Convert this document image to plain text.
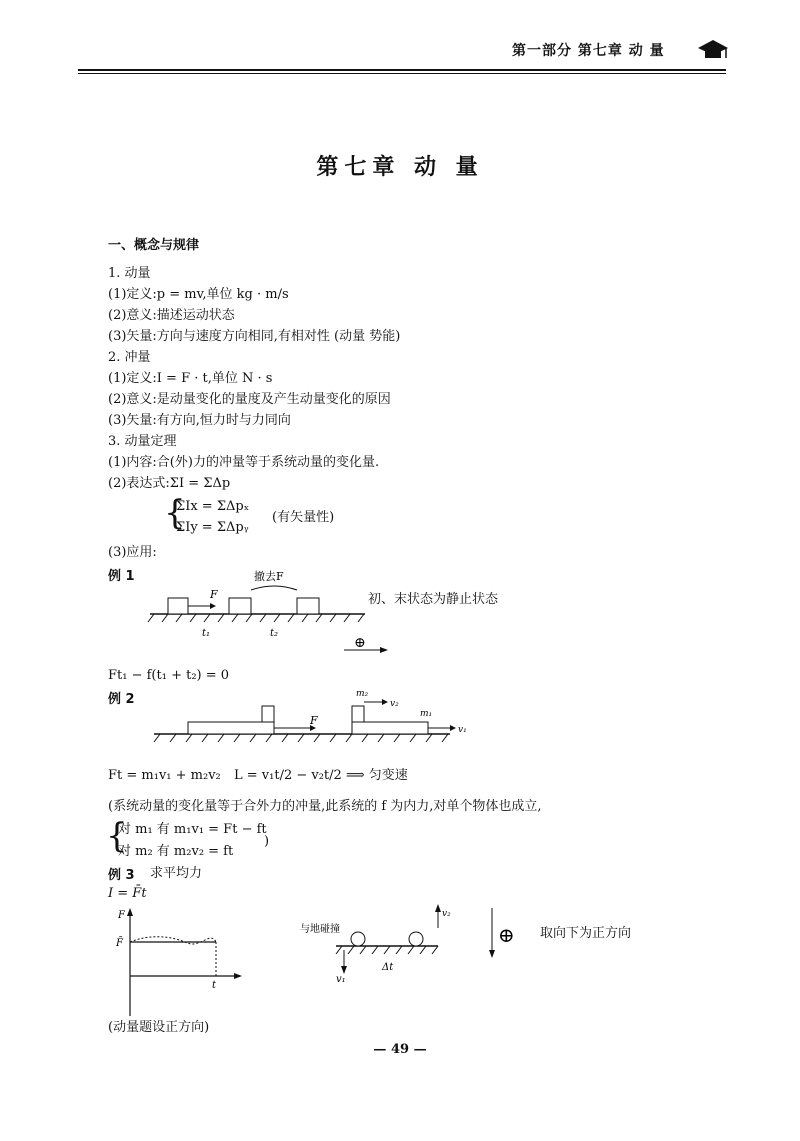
第一部分 第七章 动 量
第七章 动 量
一、概念与规律
1. 动量
(1)定义:p = mv,单位 kg · m/s
(2)意义:描述运动状态
(3)矢量:方向与速度方向相同,有相对性 (动量 势能)
2. 冲量
(1)定义:I = F · t,单位 N · s
(2)意义:是动量变化的量度及产生动量变化的原因
(3)矢量:有方向,恒力时与力同向
3. 动量定理
(1)内容:合(外)力的冲量等于系统动量的变化量.
(2)表达式:ΣI = ΣΔp
{
ΣIx = ΣΔpₓ
ΣIy = ΣΔpᵧ
(有矢量性)
(3)应用:
例 1
F
撤去F
t₁	t₂
⊕
初、末状态为静止状态
Ft₁ − f(t₁ + t₂) = 0
例 2
F
m₂
v₂
m₁
v₁
Ft = m₁v₁ + m₂v₂ L = v₁t/2 − v₂t/2 ⟹ 匀变速
(系统动量的变化量等于合外力的冲量,此系统的 f 为内力,对单个物体也成立,
{
对 m₁ 有 m₁v₁ = Ft − ft
对 m₂ 有 m₂v₂ = ft
)
例 3 求平均力
I = F̄t
F
F̄
t
与地碰撞
v₁
Δt
v₂
⊕ 取向下为正方向
(动量题设正方向)
— 49 —
